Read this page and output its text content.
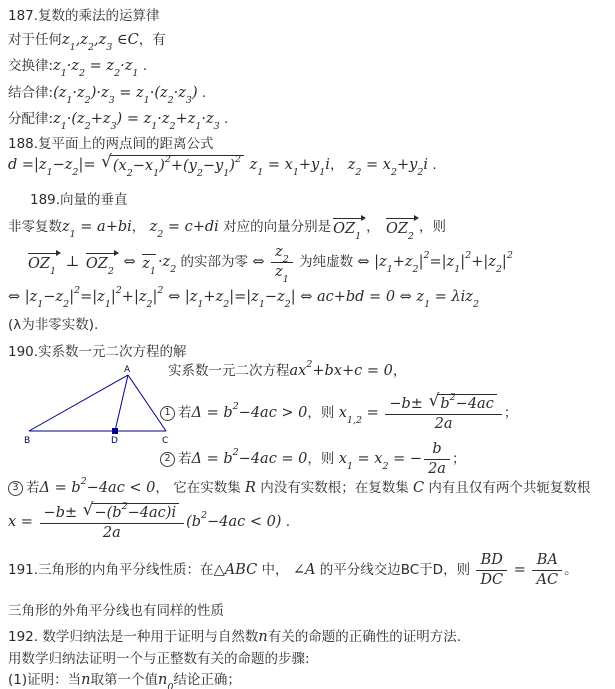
187.复数的乘法的运算律
对于任何 $z_1,z_2,z_3$ ∈C ，有
交换律: $z_1\cdot z_2 = z_2\cdot z_1$ .
结合律: $(z_1\cdot z_2)\cdot z_3 = z_1\cdot(z_2\cdot z_3)$ .
分配律: $z_1\cdot(z_2+z_3) = z_1\cdot z_2+z_1\cdot z_3$ .
188.复平面上的两点间的距离公式
$d =|z_1-z_2|=$ √ $(x_2-x_1)^2+(y_2-y_1)^2$ $z_1 = x_1+y_1i$ ， $z_2 = x_2+y_2i$ .
189.向量的垂直
非零复数 $z_1 = a+bi$ ， $z_2 = c+di$ 对应的向量分别是 $OZ_1$
， $OZ_2$
，则
$OZ_1$
⊥ $OZ_2$
⇔ $z_1$
$\cdot z_2$ 的实部为零 ⇔ $\frac{z_2}{z_1}$ 为纯虚数 ⇔ $|z_1+z_2|^2=|z_1|^2+|z_2|^2$
⇔ $|z_1-z_2|^2=|z_1|^2+|z_2|^2$ ⇔ $|z_1+z_2|=|z_1-z_2|$ ⇔ ac+bd = 0 ⇔ $z_1 = \lambda iz_2$
(λ为非零实数).
190.实系数一元二次方程的解
A
B	C
D
实系数一元二次方程 $ax^2+bx+c = 0$ ，
1 若 $\Delta = b^2-4ac > 0$ ，则 $x_{1,2} = \frac{-b\pm √ b^2-4ac}{2a}$ ；
2 若 $\Delta = b^2-4ac = 0$ ，则 $x_1 = x_2$ = − $\frac{b}{2a}$ ；
3 若 $\Delta = b^2-4ac < 0$ ， 它在实数集 R 内没有实数根；在复数集 C 内有且仅有两个共轭复数根
$x = \frac{-b\pm √ -(b^2-4ac)i}{2a} (b^2-4ac < 0)$ .
191.三角形的内角平分线性质：在 △ABC 中， ∠A 的平分线交边BC于D，则 $\frac{BD}{DC} = \frac{BA}{AC}$ 。
三角形的外角平分线也有同样的性质
192. 数学归纳法是一种用于证明与自然数 n 有关的命题的正确性的证明方法.
用数学归纳法证明一个与正整数有关的命题的步骤:
(1)证明：当 n 取第一个值 $n_0$ 结论正确；
